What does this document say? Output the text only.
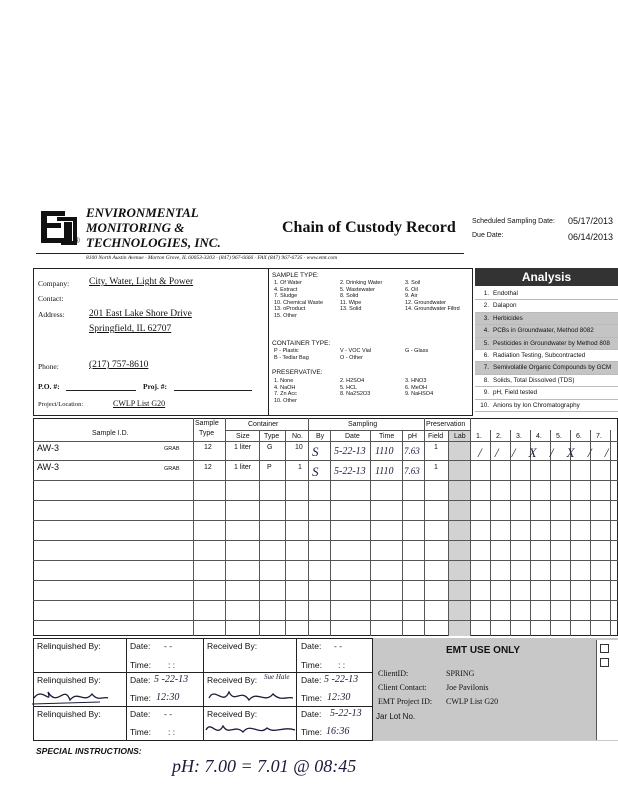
ENVIRONMENTAL
MONITORING &
TECHNOLOGIES, INC.
®
8100 North Austin Avenue · Morton Grove, IL 60053-3203 · (847) 967-6666 · FAX (847) 967-6735 · www.emt.com
Chain of Custody Record Scheduled Sampling Date: 05/17/2013
Due Date:	06/14/2013
Company: City, Water, Light & Power
Contact:
Address:	201 East Lake Shore Drive
Springfield, IL 62707
Phone:	(217) 757-8610
P.O. #:	Proj. #:
Project/Location:	CWLP List G20
SAMPLE TYPE:
1. Of Water
4. Extract
7. Sludge
10. Chemical Waste
13. oProduct
15. Other
2. Drinking Water
5. Wastewater
8. Solid
11. Wipe
13. Solid
3. Soil
6. Oil
9. Air
12. Groundwater
14. Groundwater Filtrd
CONTAINER TYPE:
P - Plastic
B - Tedlar Bag
V - VOC Vial
O - Other
G - Glass
PRESERVATIVE:
1. None
4. NaOH
7. Zn Acc
10. Other
2. H2SO4
5. HCL
8. Na2S2O3
3. HNO3
6. MeOH
9. NaHSO4
Analysis
1. Endothal
2. Dalapon
3. Herbicides
4. PCBs in Groundwater, Method 8082
5. Pesticides in Groundwater by Method 808
6. Radiation Testing, Subcontracted
7. Semivolatile Organic Compounds by GCM
8. Solids, Total Dissolved (TDS)
9. pH, Field tested
10. Anions by Ion Chromatography
Sample I.D.
Sample
Type
Container
Size Type No.
Sampling
By	Date	Time pH
Preservation
Field Lab 1. 2. 3. 4. 5. 6. 7.
AW-3	GRAB	12	1 liter G	10 S 5-22-13 1110 7.63 1	/ / / X / X / /
AW-3	GRAB	12	1 liter P	1 S 5-22-13 1110 7.63 1
Relinquished By:	Date: - -
Time: : :
Received By:	Date: - -
Time: : :
Relinquished By:	Date: 5 -22-13
Time: 12:30
Received By: Sue Hale Date: 5 -22-13
Time: 12:30
Relinquished By:	Date: - -
Time: : :
Received By:	Date: 5-22-13
Time: 16:36
EMT USE ONLY
ClientID:	SPRING
Client Contact: Joe Pavilonis
EMT Project ID: CWLP List G20
Jar Lot No.
SPECIAL INSTRUCTIONS:
pH: 7.00 = 7.01 @ 08:45
